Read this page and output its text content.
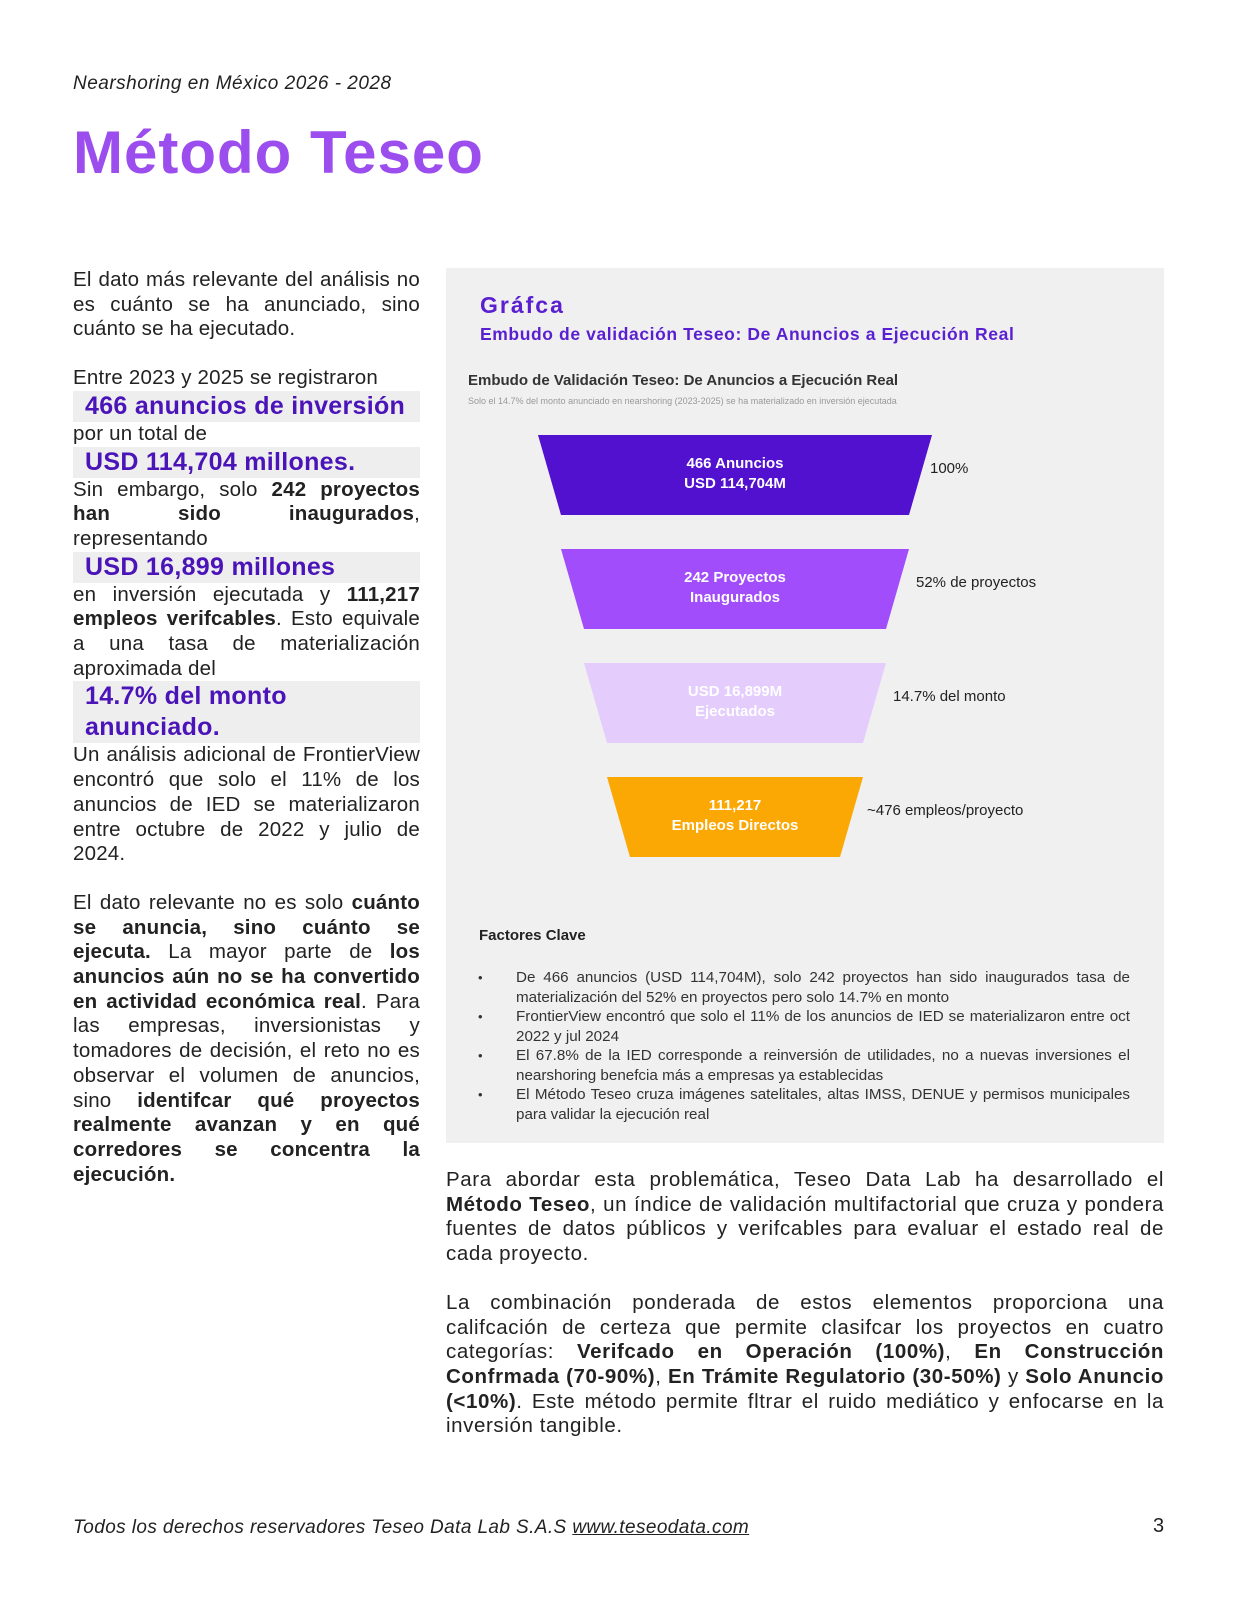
Nearshoring en México 2026 - 2028
Método Teseo

El dato más relevante del análisis no es cuánto se ha anunciado, sino cuánto se ha ejecutado.

Entre 2023 y 2025 se registraron

466 anuncios de inversión

por un total de

USD 114,704 millones.

Sin embargo, solo 242 proyectos han sido inaugurados, representando

USD 16,899 millones

en inversión ejecutada y 111,217 empleos verifcables. Esto equivale a una tasa de materialización aproximada del

14.7% del monto anunciado.

Un análisis adicional de FrontierView encontró que solo el 11% de los anuncios de IED se materializaron entre octubre de 2022 y julio de 2024.

El dato relevante no es solo cuánto se anuncia, sino cuánto se ejecuta. La mayor parte de los anuncios aún no se ha convertido en actividad económica real. Para las empresas, inversionistas y tomadores de decisión, el reto no es observar el volumen de anuncios, sino identifcar qué proyectos realmente avanzan y en qué corredores se concentra la ejecución.

Gráfca
Embudo de validación Teseo: De Anuncios a Ejecución Real
Embudo de Validación Teseo: De Anuncios a Ejecución Real
Solo el 14.7% del monto anunciado en nearshoring (2023-2025) se ha materializado en inversión ejecutada
466 Anuncios
USD 114,704M
100%
242 Proyectos
Inaugurados
52% de proyectos
USD 16,899M
Ejecutados
14.7% del monto
111,217
Empleos Directos
~476 empleos/proyecto
Factores Clave
• De 466 anuncios (USD 114,704M), solo 242 proyectos han sido inaugurados tasa de materialización del 52% en proyectos pero solo 14.7% en monto
• FrontierView encontró que solo el 11% de los anuncios de IED se materializaron entre oct 2022 y jul 2024
• El 67.8% de la IED corresponde a reinversión de utilidades, no a nuevas inversiones el nearshoring benefcia más a empresas ya establecidas
• El Método Teseo cruza imágenes satelitales, altas IMSS, DENUE y permisos municipales para validar la ejecución real

Para abordar esta problemática, Teseo Data Lab ha desarrollado el Método Teseo, un índice de validación multifactorial que cruza y pondera fuentes de datos públicos y verifcables para evaluar el estado real de cada proyecto.

La combinación ponderada de estos elementos proporciona una califcación de certeza que permite clasifcar los proyectos en cuatro categorías: Verifcado en Operación (100%), En Construcción Confrmada (70-90%), En Trámite Regulatorio (30-50%) y Solo Anuncio (<10%). Este método permite fltrar el ruido mediático y enfocarse en la inversión tangible.

Todos los derechos reservadores Teseo Data Lab S.A.S www.teseodata.com	3
